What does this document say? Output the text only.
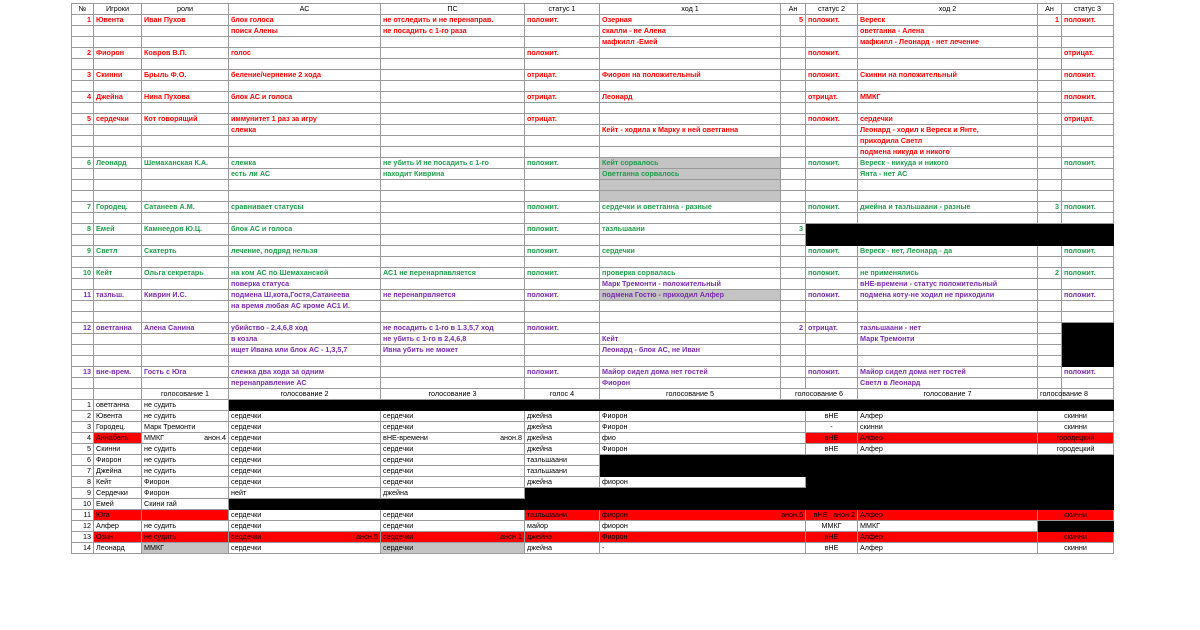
№	Игроки	роли	АС	ПС	статус 1	ход 1	Ан	статус 2	ход 2	Ан	статус 3
1	Ювента	Иван Пухов	блок голоса	не отследить и не перенаправ.	положит.	Озерная	5	положит.	Вереск	1	положит.
			поиск Алены	не посадить с 1-го раза		скалли - не Алена			оветганна - Алена		
						мафкилл -Емей			мафкилл - Леонард - нет лечение		
2	Фиорон	Ковров В.П.	голос		положит.			положит.			отрицат.

3	Скинни	Брыль Ф.О.	беление/чернение 2 хода		отрицат.	Фиорон на положительный		положит.	Скинни на положительный		положит.

4	Джейна	Нина Пухова	блок АС и голоса		отрицат.	Леонард		отрицат.	ММКГ		положит.

5	сердечки	Кот говорящий	иммунитет 1 раз за игру		отрицат.			положит.	сердечки		отрицат.
			слежка			Кейт - ходила к Марку к ней оветганна			Леонард - ходил к Вереск и Янте,		
									приходила Светл		
									подмена никуда и никого		
6	Леонард	Шемаханская К.А.	слежка	не убить И не посадить с 1-го	положит.	Кейт сорвалось		положит.	Вереск - никуда и никого		положит.
			есть ли АС	находит Киврина		Оветганна сорвалось			Янта - нет АС		

7	Городец.	Сатанеев А.М.	сравнивает статусы		положит.	сердечки и оветганна - разные		положит.	джейна и тазльшаани - разные	3	положит.

8	Емей	Камнеедов Ю.Ц.	блок АС и голоса		положит.	тазльшаани	3				

9	Светл	Скатерть	лечение, подряд нельзя		положит.	сердечки		положит.	Вереск - нет, Леонард - да		положит.

10	Кейт	Ольга секретарь	на ком АС по Шемаханской	АС1 не перенарпавляется	положит.	проверка сорвалась		положит.	не применялись	2	положит.
			поверка статуса			Марк Тремонти - положительный			вНЕ-времени - статус положительный		
11	тазльш.	Киврин И.С.	подмена Ш,кота,Гостя,Сатанеева	не перенапрвляется	положит.	подмена Гостю - приходил Алфер		положит.	подмена коту-не ходил не приходили		положит.
			на время любая АС кроме АС1 И.								

12	оветганна	Алена Санина	убийство - 2,4,6,8 ход	не посадить с 1-го в 1.3,5,7 ход	положит.		2	отрицат.	тазльшаани - нет		
			в козла	не убить с 1-го в 2,4,6,8		Кейт			Марк Тремонти		
			ищет Ивана или блок АС - 1,3,5,7	Ивна убить не может		Леонард - блок АС, не Иван					

13	вне-врем.	Гость с Юга	слежка два хода за одним		положит.	Майор сидел дома нет гостей		положит.	Майор сидел дома нет гостей		положит.
			перенаправление АС			Фиорон			Светл в Леонард		
		голосование 1	голосование 2	голосование 3	голос 4	голосование 5	голосование 6		голосование 7	голосование 8	
1	оветганна	не судить	сердечки								
2	Ювента	не судить	сердечки	сердечки	джейна	Фиорон		вНЕ	Алфер	скинни	
3	Городец.	Марк Тремонти	сердечки	сердечки	джейна	Фиорон		-	скинни	скинни	
4	Аннабель	ММКГ анон.4	сердечки	вНЕ-времени анон.8	джейна	фио		вНЕ	Алфер	городецкий	
5	Скинни	не судить	сердечки	сердечки	джейна	Фиорон		вНЕ	Алфер	городецкий	
6	Фиорон	не судить	сердечки	сердечки	тазльшаани						
7	Джейна	не судить	сердечки	сердечки	тазльшаани						
8	Кейт	Фиорон	сердечки	сердечки	джейна	фиорон					
9	Сердечки	Фиорон	нейт	джейна							
10	Емей	Скини гай									
11	Юга		сердечки	сердечки	тазльшаани	фиорон анон.6		вНЕ анон.2	Алфер	скинни	
12	Алфер	не судить	сердечки	сердечки	майор	фиорон		ММКГ	ММКГ		
13	Озин	не судить	сердечки анон.5	сердечки анон.1	джейна	Фиорон		вНЕ	Алфер	скинни	
14	Леонард	ММКГ	сердечки	сердечки	джейна	-		вНЕ	Алфер	скинни	
